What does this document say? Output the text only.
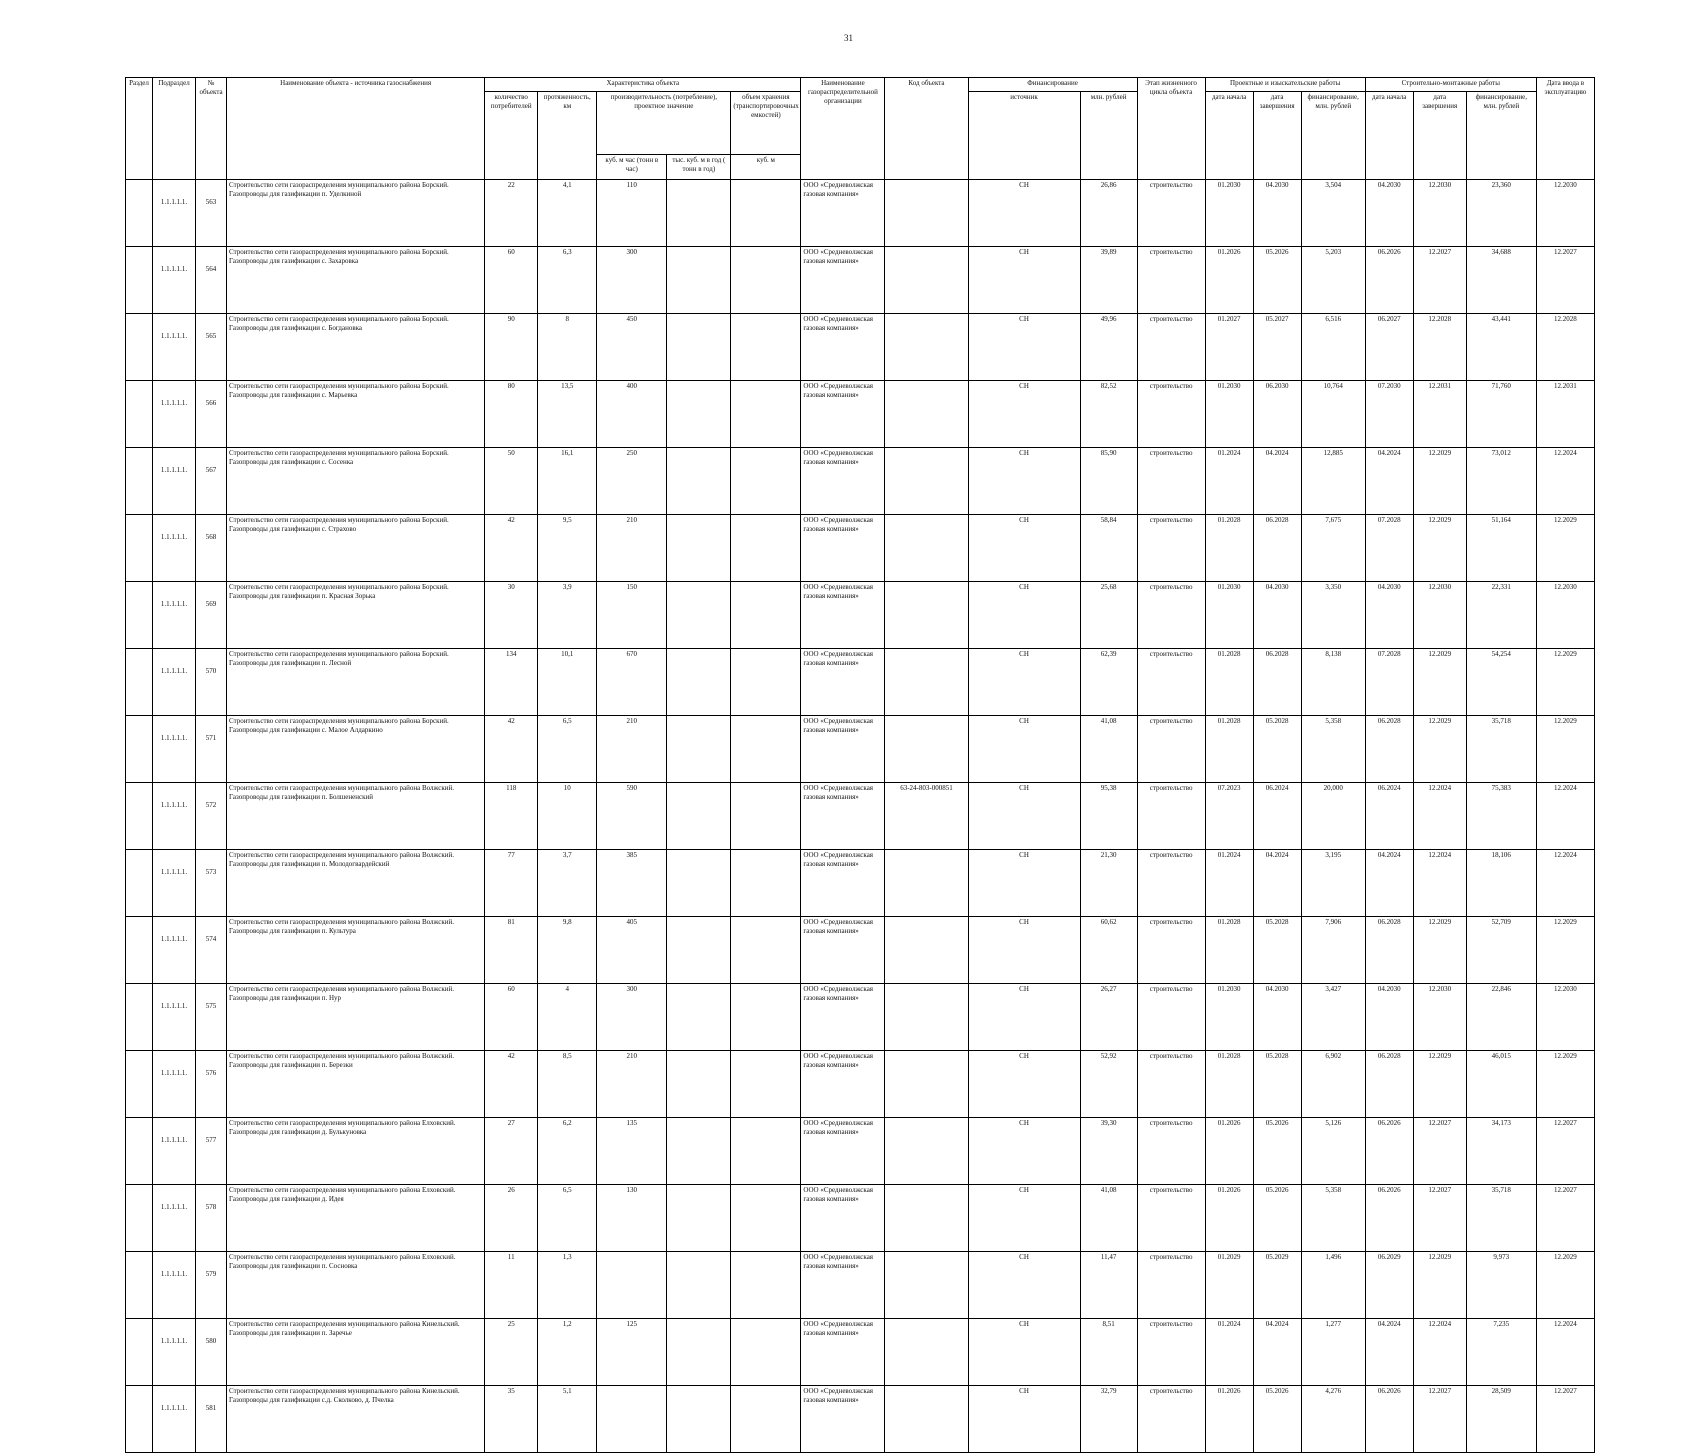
31
Раздел	Подраздел	№ объекта	Наименование объекта - источника газоснабжения	Характеристика объекта					Наименование газораспределительной организации	Код объекта	Финансирование		Этап жизненного цикла объекта	Проектные и изыскательские работы			Строительно-монтажные работы			Дата ввода в эксплуатацию
				количество потребителей	протяженность, км	производительность (потребление), проектное значение		объем хранения (транспортировочных емкостей)			источник	млн. рублей		дата начала	дата завершения	финансирование, млн. рублей	дата начала	дата завершения	финансирование, млн. рублей	
						куб. м час (тонн в час)	тыс. куб. м в год ( тонн в год)	куб. м												
	1.1.1.1.1.	563	Строительство сети газораспределения муниципального района Борский. Газопроводы для газификации п. Уделкиной	22	4,1	110			ООО «Средневолжская газовая компания»		СН	26,86	строительство	01.2030	04.2030	3,504	04.2030	12.2030	23,360	12.2030
	1.1.1.1.1.	564	Строительство сети газораспределения муниципального района Борский. Газопроводы для газификации с. Захаровка	60	6,3	300			ООО «Средневолжская газовая компания»		СН	39,89	строительство	01.2026	05.2026	5,203	06.2026	12.2027	34,688	12.2027
	1.1.1.1.1.	565	Строительство сети газораспределения муниципального района Борский. Газопроводы для газификации с. Богдановка	90	8	450			ООО «Средневолжская газовая компания»		СН	49,96	строительство	01.2027	05.2027	6,516	06.2027	12.2028	43,441	12.2028
	1.1.1.1.1.	566	Строительство сети газораспределения муниципального района Борский. Газопроводы для газификации с. Марьевка	80	13,5	400			ООО «Средневолжская газовая компания»		СН	82,52	строительство	01.2030	06.2030	10,764	07.2030	12.2031	71,760	12.2031
	1.1.1.1.1.	567	Строительство сети газораспределения муниципального района Борский. Газопроводы для газификации с. Сосенка	50	16,1	250			ООО «Средневолжская газовая компания»		СН	85,90	строительство	01.2024	04.2024	12,885	04.2024	12.2029	73,012	12.2024
	1.1.1.1.1.	568	Строительство сети газораспределения муниципального района Борский. Газопроводы для газификации с. Страхово	42	9,5	210			ООО «Средневолжская газовая компания»		СН	58,84	строительство	01.2028	06.2028	7,675	07.2028	12.2029	51,164	12.2029
	1.1.1.1.1.	569	Строительство сети газораспределения муниципального района Борский. Газопроводы для газификации п. Красная Зорька	30	3,9	150			ООО «Средневолжская газовая компания»		СН	25,68	строительство	01.2030	04.2030	3,350	04.2030	12.2030	22,331	12.2030
	1.1.1.1.1.	570	Строительство сети газораспределения муниципального района Борский. Газопроводы для газификации п. Лесной	134	10,1	670			ООО «Средневолжская газовая компания»		СН	62,39	строительство	01.2028	06.2028	8,138	07.2028	12.2029	54,254	12.2029
	1.1.1.1.1.	571	Строительство сети газораспределения муниципального района Борский. Газопроводы для газификации с. Малое Алдаркино	42	6,5	210			ООО «Средневолжская газовая компания»		СН	41,08	строительство	01.2028	05.2028	5,358	06.2028	12.2029	35,718	12.2029
	1.1.1.1.1.	572	Строительство сети газораспределения муниципального района Волжский. Газопроводы для газификации п. Болшененский	118	10	590			ООО «Средневолжская газовая компания»	63-24-803-000851	СН	95,38	строительство	07.2023	06.2024	20,000	06.2024	12.2024	75,383	12.2024
	1.1.1.1.1.	573	Строительство сети газораспределения муниципального района Волжский. Газопроводы для газификации п. Молодогвардейский	77	3,7	385			ООО «Средневолжская газовая компания»		СН	21,30	строительство	01.2024	04.2024	3,195	04.2024	12.2024	18,106	12.2024
	1.1.1.1.1.	574	Строительство сети газораспределения муниципального района Волжский. Газопроводы для газификации п. Культура	81	9,8	405			ООО «Средневолжская газовая компания»		СН	60,62	строительство	01.2028	05.2028	7,906	06.2028	12.2029	52,709	12.2029
	1.1.1.1.1.	575	Строительство сети газораспределения муниципального района Волжский. Газопроводы для газификации п. Нур	60	4	300			ООО «Средневолжская газовая компания»		СН	26,27	строительство	01.2030	04.2030	3,427	04.2030	12.2030	22,846	12.2030
	1.1.1.1.1.	576	Строительство сети газораспределения муниципального района Волжский. Газопроводы для газификации п. Березки	42	8,5	210			ООО «Средневолжская газовая компания»		СН	52,92	строительство	01.2028	05.2028	6,902	06.2028	12.2029	46,015	12.2029
	1.1.1.1.1.	577	Строительство сети газораспределения муниципального района Елховский. Газопроводы для газификации д. Булькуновка	27	6,2	135			ООО «Средневолжская газовая компания»		СН	39,30	строительство	01.2026	05.2026	5,126	06.2026	12.2027	34,173	12.2027
	1.1.1.1.1.	578	Строительство сети газораспределения муниципального района Елховский. Газопроводы для газификации д. Идея	26	6,5	130			ООО «Средневолжская газовая компания»		СН	41,08	строительство	01.2026	05.2026	5,358	06.2026	12.2027	35,718	12.2027
	1.1.1.1.1.	579	Строительство сети газораспределения муниципального района Елховский. Газопроводы для газификации п. Сосновка	11	1,3				ООО «Средневолжская газовая компания»		СН	11,47	строительство	01.2029	05.2029	1,496	06.2029	12.2029	9,973	12.2029
	1.1.1.1.1.	580	Строительство сети газораспределения муниципального района Кинельский. Газопроводы для газификации п. Заречье	25	1,2	125			ООО «Средневолжская газовая компания»		СН	8,51	строительство	01.2024	04.2024	1,277	04.2024	12.2024	7,235	12.2024
	1.1.1.1.1.	581	Строительство сети газораспределения муниципального района Кинельский. Газопроводы для газификации с.д. Сколково, д. Пчелка	35	5,1				ООО «Средневолжская газовая компания»		СН	32,79	строительство	01.2026	05.2026	4,276	06.2026	12.2027	28,509	12.2027
